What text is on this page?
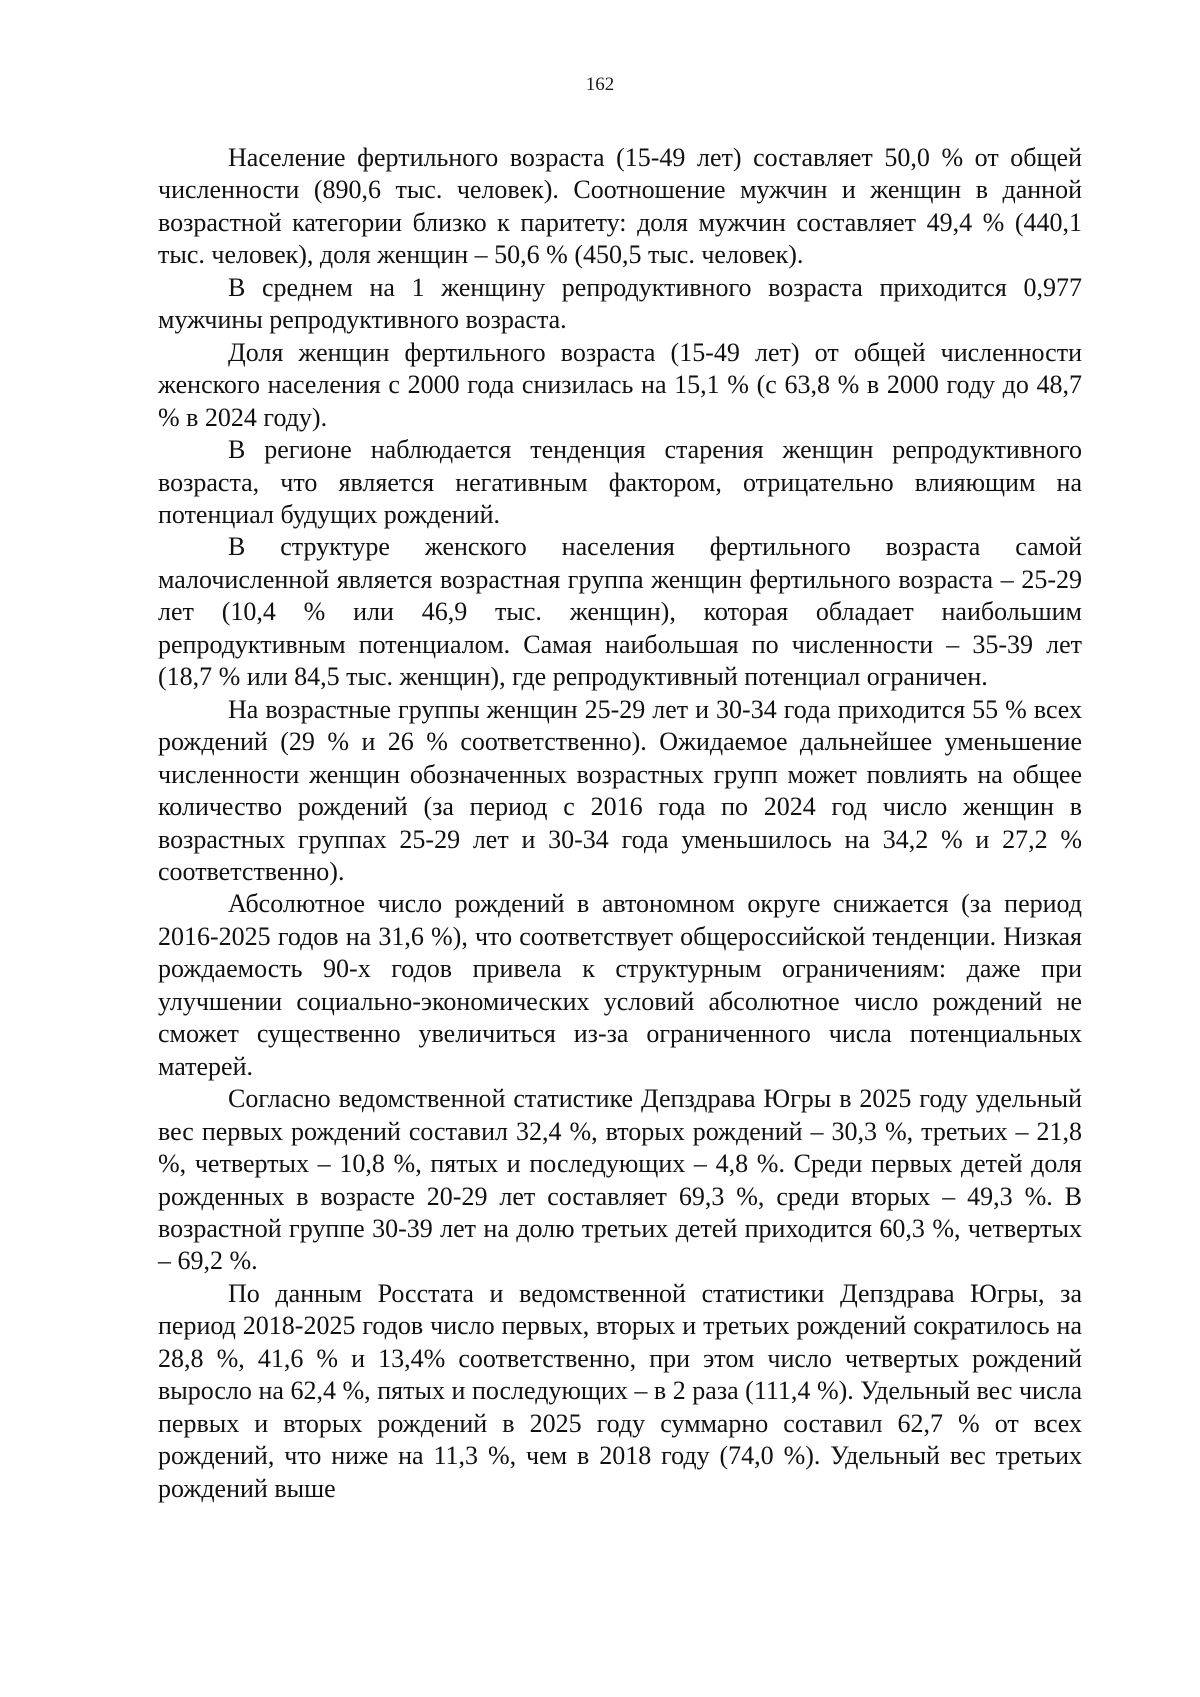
162

Население фертильного возраста (15-49 лет) составляет 50,0 % от общей численности (890,6 тыс. человек). Соотношение мужчин и женщин в данной возрастной категории близко к паритету: доля мужчин составляет 49,4 % (440,1 тыс. человек), доля женщин – 50,6 % (450,5 тыс. человек).

В среднем на 1 женщину репродуктивного возраста приходится 0,977 мужчины репродуктивного возраста.

Доля женщин фертильного возраста (15-49 лет) от общей численности женского населения с 2000 года снизилась на 15,1 % (с 63,8 % в 2000 году до 48,7 % в 2024 году).

В регионе наблюдается тенденция старения женщин репродуктивного возраста, что является негативным фактором, отрицательно влияющим на потенциал будущих рождений.

В структуре женского населения фертильного возраста самой малочисленной является возрастная группа женщин фертильного возраста – 25-29 лет (10,4 % или 46,9 тыс. женщин), которая обладает наибольшим репродуктивным потенциалом. Самая наибольшая по численности – 35-39 лет (18,7 % или 84,5 тыс. женщин), где репродуктивный потенциал ограничен.

На возрастные группы женщин 25-29 лет и 30-34 года приходится 55 % всех рождений (29 % и 26 % соответственно). Ожидаемое дальнейшее уменьшение численности женщин обозначенных возрастных групп может повлиять на общее количество рождений (за период с 2016 года по 2024 год число женщин в возрастных группах 25-29 лет и 30-34 года уменьшилось на 34,2 % и 27,2 % соответственно).

Абсолютное число рождений в автономном округе снижается (за период 2016-2025 годов на 31,6 %), что соответствует общероссийской тенденции. Низкая рождаемость 90-х годов привела к структурным ограничениям: даже при улучшении социально-экономических условий абсолютное число рождений не сможет существенно увеличиться из-за ограниченного числа потенциальных матерей.

Согласно ведомственной статистике Депздрава Югры в 2025 году удельный вес первых рождений составил 32,4 %, вторых рождений – 30,3 %, третьих – 21,8 %, четвертых – 10,8 %, пятых и последующих – 4,8 %. Среди первых детей доля рожденных в возрасте 20-29 лет составляет 69,3 %, среди вторых – 49,3 %. В возрастной группе 30-39 лет на долю третьих детей приходится 60,3 %, четвертых – 69,2 %.

По данным Росстата и ведомственной статистики Депздрава Югры, за период 2018-2025 годов число первых, вторых и третьих рождений сократилось на 28,8 %, 41,6 % и 13,4% соответственно, при этом число четвертых рождений выросло на 62,4 %, пятых и последующих – в 2 раза (111,4 %). Удельный вес числа первых и вторых рождений в 2025 году суммарно составил 62,7 % от всех рождений, что ниже на 11,3 %, чем в 2018 году (74,0 %). Удельный вес третьих рождений выше
